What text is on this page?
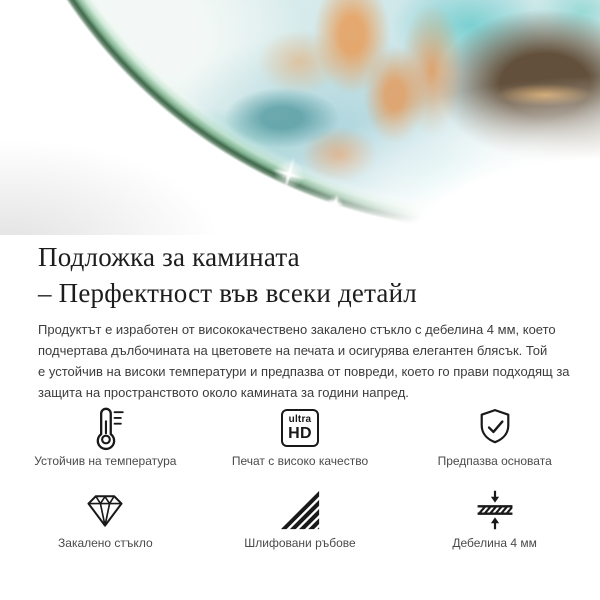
Подложка за камината
– Перфектност във всеки детайл

Продуктът е изработен от висококачествено закалено стъкло с дебелина 4 мм, което
подчертава дълбочината на цветовете на печата и осигурява елегантен блясък. Той
е устойчив на високи температури и предпазва от повреди, което го прави подходящ за
защита на пространството около камината за години напред.

Устойчив на температура
ultra
HD
Печат с високо качество	Предпазва основата
Закалено стъкло	Шлифовани ръбове	Дебелина 4 мм
